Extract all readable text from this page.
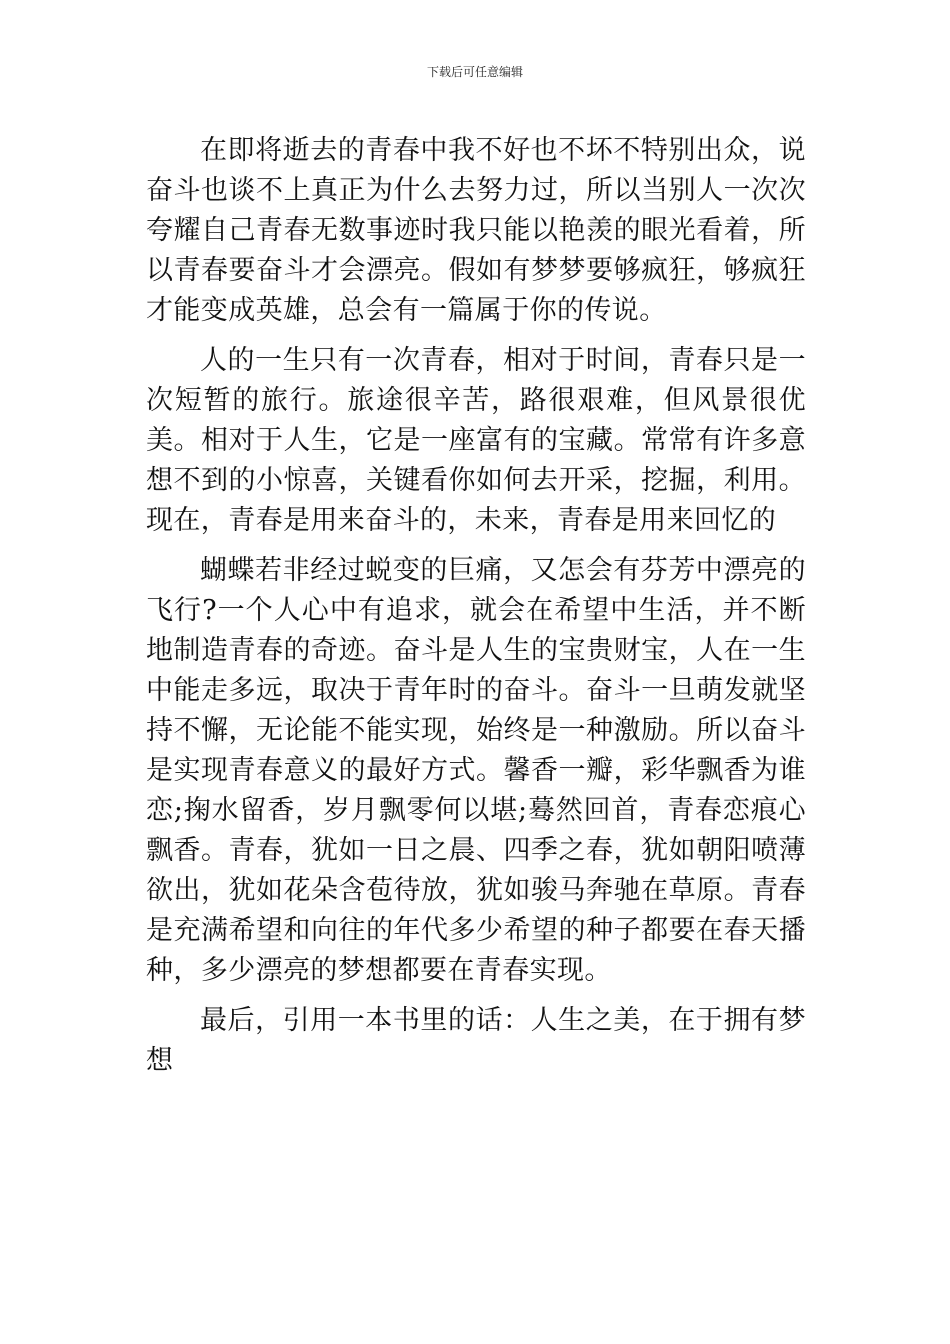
下载后可任意编辑

在即将逝去的青春中我不好也不坏不特别出众，说奋斗也谈不上真正为什么去努力过，所以当别人一次次夸耀自己青春无数事迹时我只能以艳羡的眼光看着，所以青春要奋斗才会漂亮。假如有梦梦要够疯狂，够疯狂才能变成英雄，总会有一篇属于你的传说。

人的一生只有一次青春，相对于时间，青春只是一次短暂的旅行。旅途很辛苦，路很艰难，但风景很优美。相对于人生，它是一座富有的宝藏。常常有许多意想不到的小惊喜，关键看你如何去开采，挖掘，利用。现在，青春是用来奋斗的，未来，青春是用来回忆的

蝴蝶若非经过蜕变的巨痛，又怎会有芬芳中漂亮的飞行?一个人心中有追求，就会在希望中生活，并不断地制造青春的奇迹。奋斗是人生的宝贵财宝，人在一生中能走多远，取决于青年时的奋斗。奋斗一旦萌发就坚持不懈，无论能不能实现，始终是一种激励。所以奋斗是实现青春意义的最好方式。馨香一瓣，彩华飘香为谁恋;掬水留香，岁月飘零何以堪;蓦然回首，青春恋痕心飘香。青春，犹如一日之晨、四季之春，犹如朝阳喷薄欲出，犹如花朵含苞待放，犹如骏马奔驰在草原。青春是充满希望和向往的年代多少希望的种子都要在春天播种，多少漂亮的梦想都要在青春实现。

最后，引用一本书里的话：人生之美，在于拥有梦想
